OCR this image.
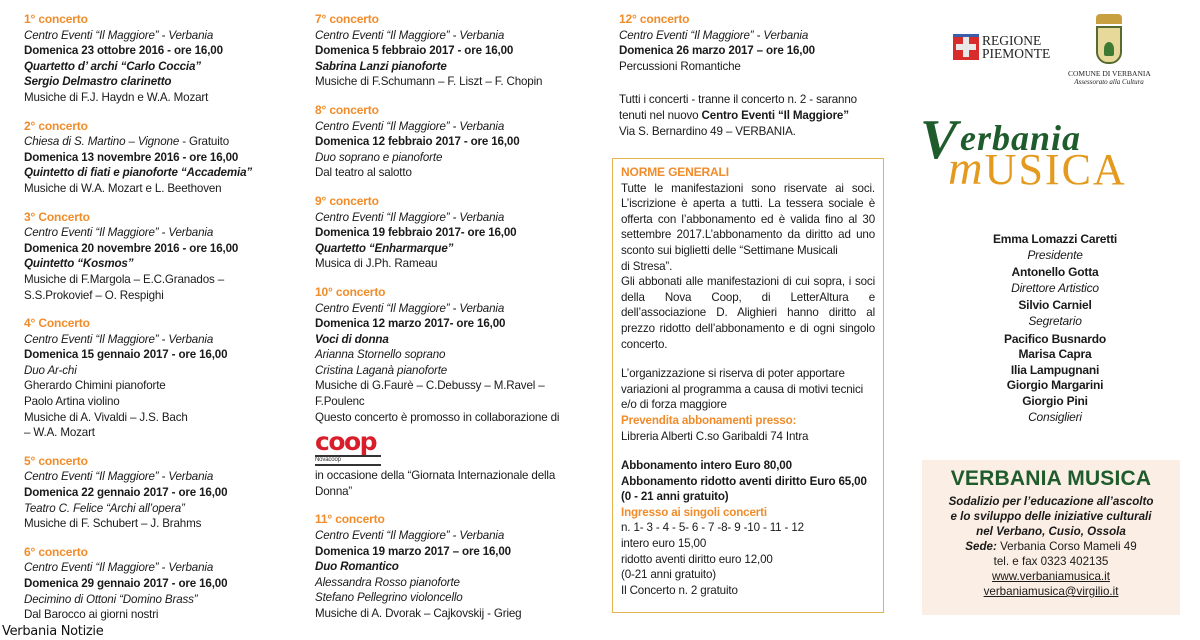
1° concerto
Centro Eventi “Il Maggiore” - Verbania
Domenica 23 ottobre 2016 - ore 16,00
Quartetto d’ archi “Carlo Coccia”
Sergio Delmastro clarinetto
Musiche di F.J. Haydn e W.A. Mozart
2° concerto
Chiesa di S. Martino – Vignone - Gratuito
Domenica 13 novembre 2016 - ore 16,00
Quintetto di fiati e pianoforte “Accademia”
Musiche di W.A. Mozart e L. Beethoven
3° Concerto
Centro Eventi “Il Maggiore” - Verbania
Domenica 20 novembre 2016 - ore 16,00
Quintetto “Kosmos”
Musiche di F.Margola – E.C.Granados –
S.S.Prokovief – O. Respighi
4° Concerto
Centro Eventi “Il Maggiore” - Verbania
Domenica 15 gennaio 2017 - ore 16,00
Duo Ar-chi
Gherardo Chimini pianoforte
Paolo Artina violino
Musiche di A. Vivaldi – J.S. Bach
– W.A. Mozart
5° concerto
Centro Eventi “Il Maggiore” - Verbania
Domenica 22 gennaio 2017 - ore 16,00
Teatro C. Felice “Archi all’opera”
Musiche di F. Schubert – J. Brahms
6° concerto
Centro Eventi “Il Maggiore” - Verbania
Domenica 29 gennaio 2017 - ore 16,00
Decimino di Ottoni “Domino Brass”
Dal Barocco ai giorni nostri
7° concerto
Centro Eventi “Il Maggiore” - Verbania
Domenica 5 febbraio 2017 - ore 16,00
Sabrina Lanzi pianoforte
Musiche di F.Schumann – F. Liszt – F. Chopin
8° concerto
Centro Eventi “Il Maggiore” - Verbania
Domenica 12 febbraio 2017 - ore 16,00
Duo soprano e pianoforte
Dal teatro al salotto
9° concerto
Centro Eventi “Il Maggiore” - Verbania
Domenica 19 febbraio 2017- ore 16,00
Quartetto “Enharmarque”
Musica di J.Ph. Rameau
10° concerto
Centro Eventi “Il Maggiore” - Verbania
Domenica 12 marzo 2017- ore 16,00
Voci di donna
Arianna Stornello soprano
Cristina Laganà pianoforte
Musiche di G.Faurè – C.Debussy – M.Ravel –
F.Poulenc
Questo concerto è promosso in collaborazione di
coop
Novacoop
in occasione della “Giornata Internazionale della Donna”
11° concerto
Centro Eventi “Il Maggiore” - Verbania
Domenica 19 marzo 2017 – ore 16,00
Duo Romantico
Alessandra Rosso pianoforte
Stefano Pellegrino violoncello
Musiche di A. Dvorak – Cajkovskij - Grieg
12° concerto
Centro Eventi “Il Maggiore” - Verbania
Domenica 26 marzo 2017 – ore 16,00
Percussioni Romantiche
Tutti i concerti - tranne il concerto n. 2 - saranno tenuti nel nuovo Centro Eventi “Il Maggiore”
Via S. Bernardino 49 – VERBANIA.
NORME GENERALI
Tutte le manifestazioni sono riservate ai soci. L’iscrizione è aperta a tutti. La tessera sociale è offerta con l’abbonamento ed è valida fino al 30 settembre 2017.L’abbonamento da diritto ad uno sconto sui biglietti delle “Settimane Musicali
di Stresa”.
Gli abbonati alle manifestazioni di cui sopra, i soci della Nova Coop, di LetterAltura e dell’associazione D. Alighieri hanno diritto al prezzo ridotto dell’abbonamento e di ogni singolo concerto.
L’organizzazione si riserva di poter apportare variazioni al programma a causa di motivi tecnici e/o di forza maggiore
Prevendita abbonamenti presso:
Libreria Alberti C.so Garibaldi 74 Intra
Abbonamento intero Euro 80,00
Abbonamento ridotto aventi diritto Euro 65,00
(0 - 21 anni gratuito)
Ingresso ai singoli concerti
n. 1- 3 - 4 - 5- 6 - 7 -8- 9 -10 - 11 - 12
intero euro 15,00
ridotto aventi diritto euro 12,00
(0-21 anni gratuito)
Il Concerto n. 2 gratuito
REGIONE
PIEMONTE
COMUNE DI VERBANIA
Assessorato alla Cultura
mUSICA
V erbania
Emma Lomazzi Caretti
Presidente
Antonello Gotta
Direttore Artistico
Silvio Carniel
Segretario
Pacifico Busnardo
Marisa Capra
Ilia Lampugnani
Giorgio Margarini
Giorgio Pini
Consiglieri
VERBANIA MUSICA
Sodalizio per l’educazione all’ascolto
e lo sviluppo delle iniziative culturali
nel Verbano, Cusio, Ossola
Sede: Verbania Corso Mameli 49
tel. e fax 0323 402135
www.verbaniamusica.it
verbaniamusica@virgilio.it
Verbania Notizie
